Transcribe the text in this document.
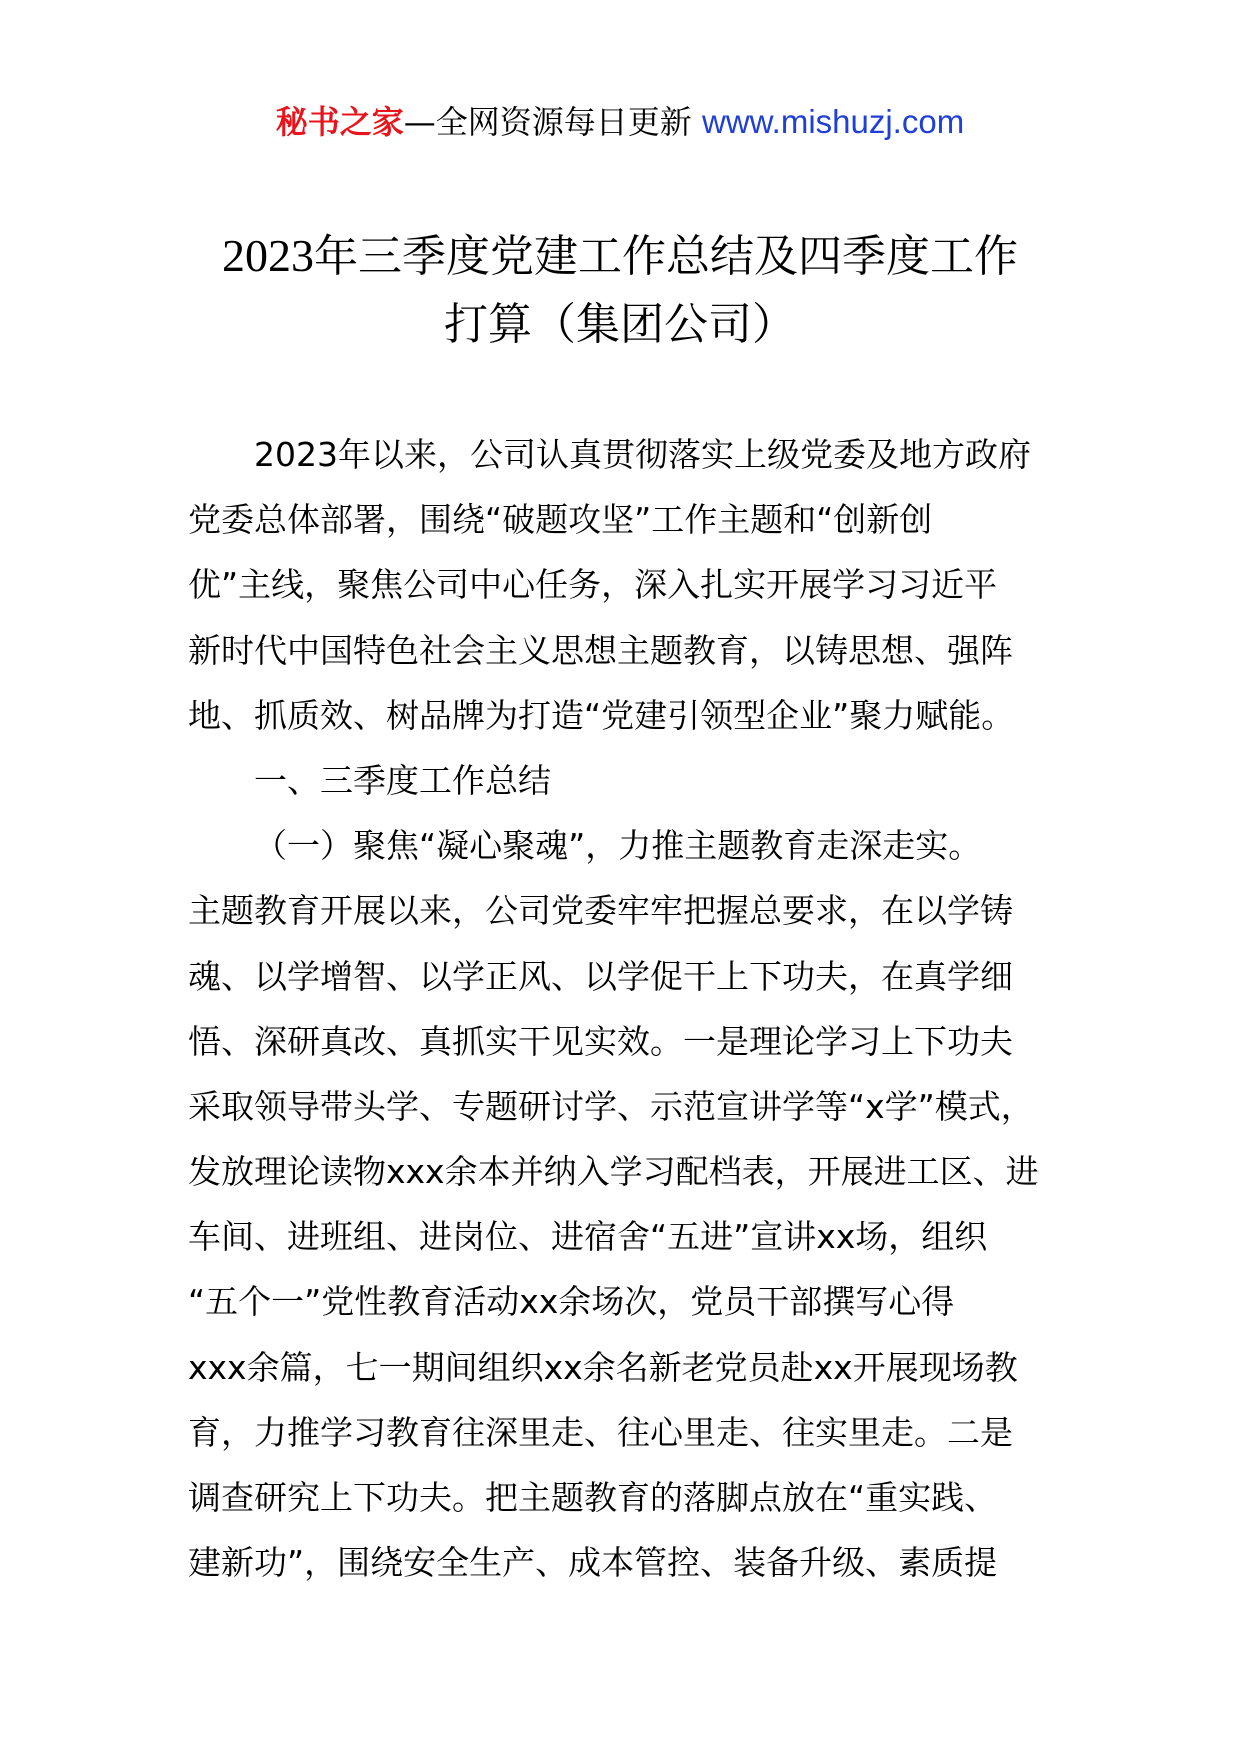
秘书之家—全网资源每日更新 www.mishuzj.com
2023年三季度党建工作总结及四季度工作
打算（集团公司）
2023年以来，公司认真贯彻落实上级党委及地方政府
党委总体部署，围绕“破题攻坚”工作主题和“创新创
优”主线，聚焦公司中心任务，深入扎实开展学习习近平
新时代中国特色社会主义思想主题教育，以铸思想、强阵
地、抓质效、树品牌为打造“党建引领型企业”聚力赋能。
一、三季度工作总结
（一）聚焦“凝心聚魂”，力推主题教育走深走实。
主题教育开展以来，公司党委牢牢把握总要求，在以学铸
魂、以学增智、以学正风、以学促干上下功夫，在真学细
悟、深研真改、真抓实干见实效。一是理论学习上下功夫
采取领导带头学、专题研讨学、示范宣讲学等“x学”模式，
发放理论读物xxx余本并纳入学习配档表，开展进工区、进
车间、进班组、进岗位、进宿舍“五进”宣讲xx场，组织
“五个一”党性教育活动xx余场次，党员干部撰写心得
xxx余篇，七一期间组织xx余名新老党员赴xx开展现场教
育，力推学习教育往深里走、往心里走、往实里走。二是
调查研究上下功夫。把主题教育的落脚点放在“重实践、
建新功”，围绕安全生产、成本管控、装备升级、素质提
